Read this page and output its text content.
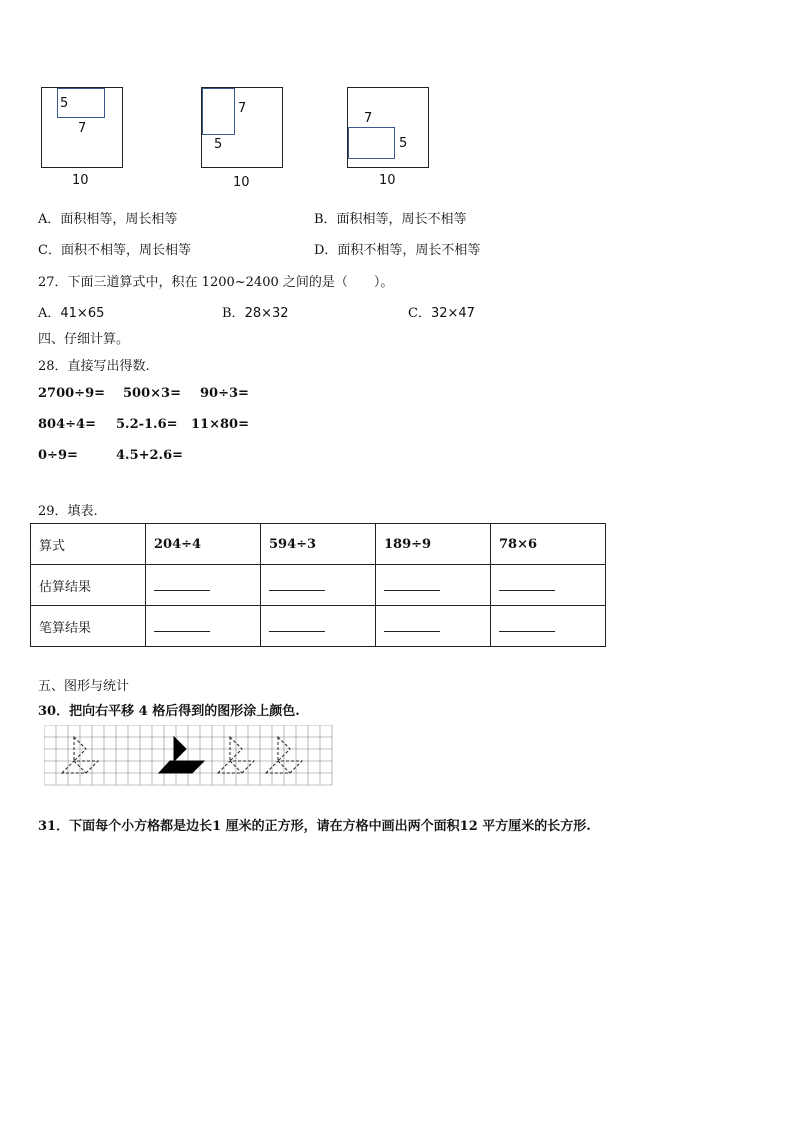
5
7
10
7
5
10
7
5
10
A．面积相等，周长相等	B．面积相等，周长不相等
C．面积不相等，周长相等	D．面积不相等，周长不相等
27．下面三道算式中，积在 1200~2400 之间的是（　　）。
A．41×65	B．28×32	C．32×47
四、仔细计算。
28．直接写出得数.
2700÷9= 500×3= 90÷3=
804÷4= 5.2-1.6= 11×80=
0÷9=	4.5+2.6=
29．填表.
算式	204÷4	594÷3	189÷9	78×6
估算结果				
笔算结果				
五、图形与统计
30．把向右平移 4 格后得到的图形涂上颜色.
31．下面每个小方格都是边长1 厘米的正方形，请在方格中画出两个面积12 平方厘米的长方形.
